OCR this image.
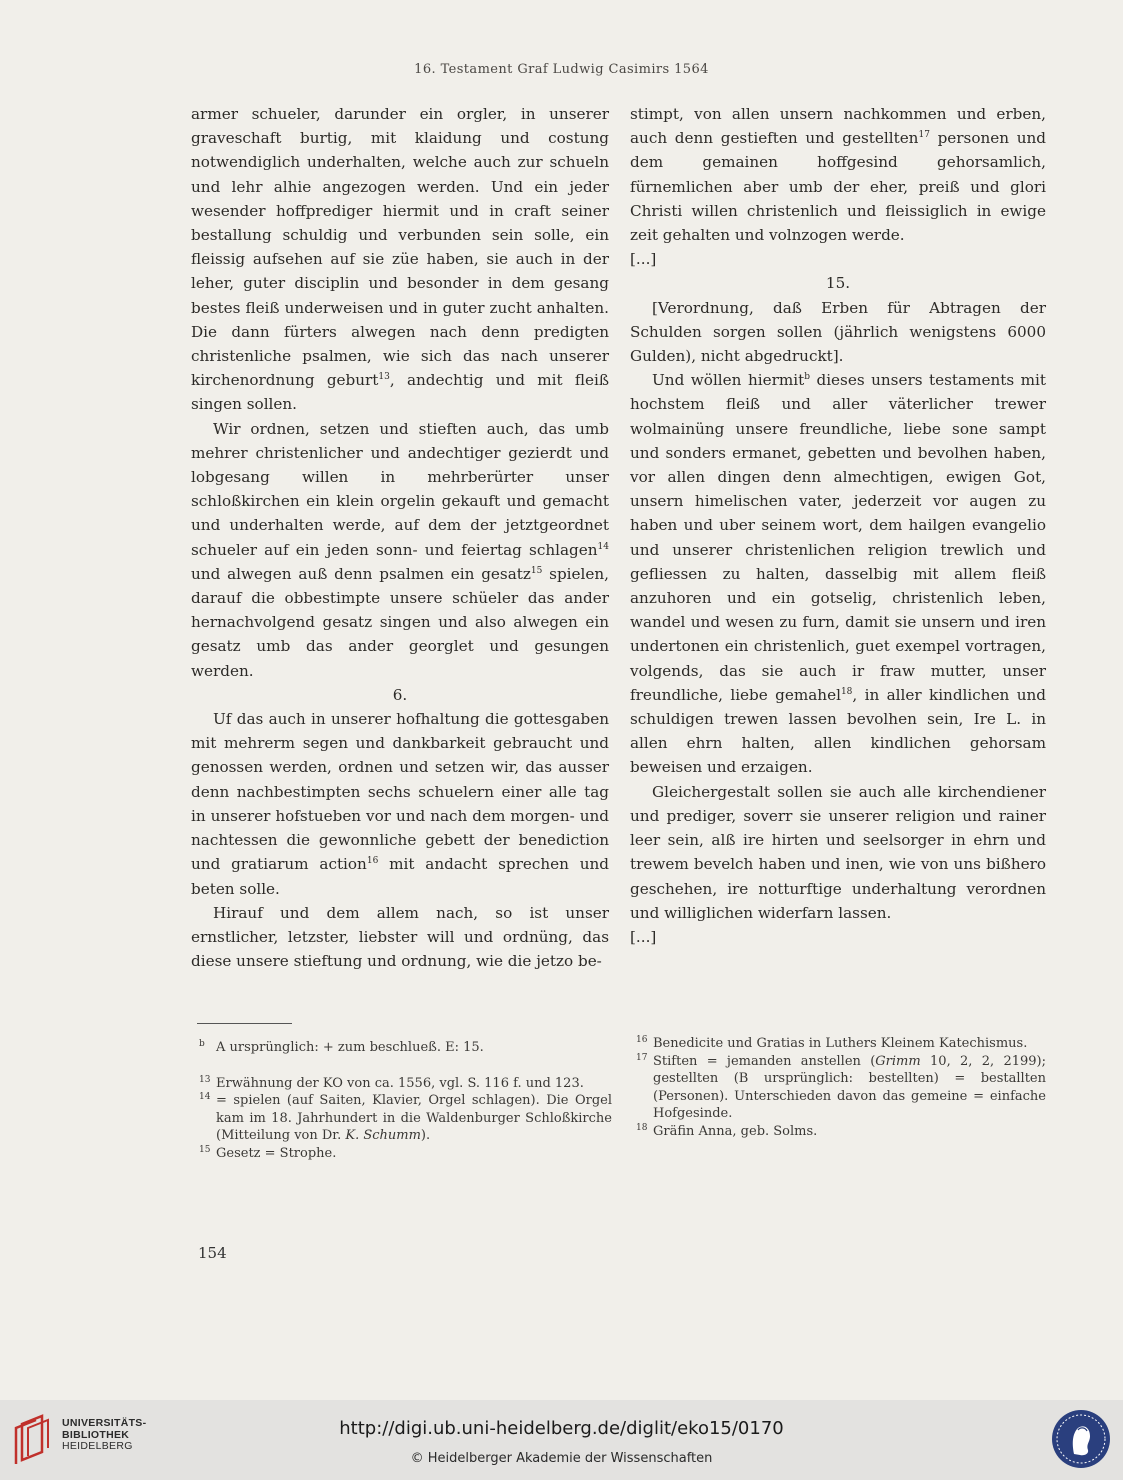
16. Testament Graf Ludwig Casimirs 1564

armer schueler, darunder ein orgler, in unserer graveschaft burtig, mit klaidung und costung notwendiglich underhalten, welche auch zur schueln und lehr alhie angezogen werden. Und ein jeder wesender hoffprediger hiermit und in craft seiner bestallung schuldig und verbunden sein solle, ein fleissig aufsehen auf sie züe haben, sie auch in der leher, guter disciplin und besonder in dem gesang bestes fleiß underweisen und in guter zucht anhalten. Die dann fürters alwegen nach denn predigten christenliche psalmen, wie sich das nach unserer kirchenordnung geburt$^{13}$, andechtig und mit fleiß singen sollen.

Wir ordnen, setzen und stieften auch, das umb mehrer christenlicher und andechtiger gezierdt und lobgesang willen in mehrberürter unser schloßkirchen ein klein orgelin gekauft und gemacht und underhalten werde, auf dem der jetztgeordnet schueler auf ein jeden sonn- und feiertag schlagen$^{14}$ und alwegen auß denn psalmen ein gesatz$^{15}$ spielen, darauf die obbestimpte unsere schüeler das ander hernachvolgend gesatz singen und also alwegen ein gesatz umb das ander georglet und gesungen werden.

6.

Uf das auch in unserer hofhaltung die gottesgaben mit mehrerm segen und dankbarkeit gebraucht und genossen werden, ordnen und setzen wir, das ausser denn nachbestimpten sechs schuelern einer alle tag in unserer hofstueben vor und nach dem morgen- und nachtessen die gewonnliche gebett der benediction und gratiarum action$^{16}$ mit andacht sprechen und beten solle.

Hirauf und dem allem nach, so ist unser ernstlicher, letzster, liebster will und ordnüng, das diese unsere stieftung und ordnung, wie die jetzo be-

stimpt, von allen unsern nachkommen und erben, auch denn gestieften und gestellten$^{17}$ personen und dem gemainen hoffgesind gehorsamlich, fürnemlichen aber umb der eher, preiß und glori Christi willen christenlich und fleissiglich in ewige zeit gehalten und volnzogen werde.

[...]

15.

[Verordnung, daß Erben für Abtragen der Schulden sorgen sollen (jährlich wenigstens 6000 Gulden), nicht abgedruckt].

Und wöllen hiermit$^b$ dieses unsers testaments mit hochstem fleiß und aller väterlicher trewer wolmainüng unsere freundliche, liebe sone sampt und sonders ermanet, gebetten und bevolhen haben, vor allen dingen denn almechtigen, ewigen Got, unsern himelischen vater, jederzeit vor augen zu haben und uber seinem wort, dem hailgen evangelio und unserer christenlichen religion trewlich und gefliessen zu halten, dasselbig mit allem fleiß anzuhoren und ein gotselig, christenlich leben, wandel und wesen zu furn, damit sie unsern und iren undertonen ein christenlich, guet exempel vortragen, volgends, das sie auch ir fraw mutter, unser freundliche, liebe gemahel$^{18}$, in aller kindlichen und schuldigen trewen lassen bevolhen sein, Ire L. in allen ehrn halten, allen kindlichen gehorsam beweisen und erzaigen.

Gleichergestalt sollen sie auch alle kirchendiener und prediger, soverr sie unserer religion und rainer leer sein, alß ire hirten und seelsorger in ehrn und trewem bevelch haben und inen, wie von uns bißhero geschehen, ire notturftige underhaltung verordnen und williglichen widerfarn lassen.

[...]

b A ursprünglich: + zum beschlueß. E: 15.

13 Erwähnung der KO von ca. 1556, vgl. S. 116 f. und 123.

14 = spielen (auf Saiten, Klavier, Orgel schlagen). Die Orgel kam im 18. Jahrhundert in die Waldenburger Schloßkirche (Mitteilung von Dr. K. Schumm).

15 Gesetz = Strophe.

16 Benedicite und Gratias in Luthers Kleinem Katechismus.

17 Stiften = jemanden anstellen (Grimm 10, 2, 2, 2199); gestellten (B ursprünglich: bestellten) = bestallten (Personen). Unterschieden davon das gemeine = einfache Hofgesinde.

18 Gräfin Anna, geb. Solms.

154
UNIVERSITÄTS-
BIBLIOTHEK
HEIDELBERG
http://digi.ub.uni-heidelberg.de/diglit/eko15/0170
© Heidelberger Akademie der Wissenschaften
